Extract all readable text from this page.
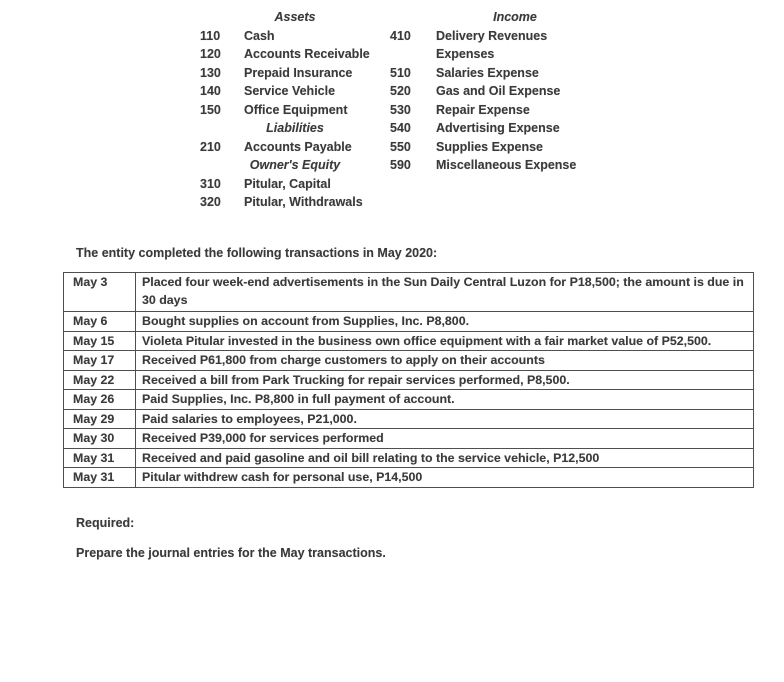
Assets	Income
110	Cash	410	Delivery Revenues
120	Accounts Receivable	Expenses
130	Prepaid Insurance	510	Salaries Expense
140	Service Vehicle	520	Gas and Oil Expense
150	Office Equipment	530	Repair Expense
Liabilities	540	Advertising Expense
210	Accounts Payable	550	Supplies Expense
Owner's Equity	590	Miscellaneous Expense
310	Pitular, Capital
320	Pitular, Withdrawals
The entity completed the following transactions in May 2020:
May 3	Placed four week-end advertisements in the Sun Daily Central Luzon for P18,500; the amount is due in 30 days
May 6	Bought supplies on account from Supplies, Inc. P8,800.
May 15	Violeta Pitular invested in the business own office equipment with a fair market value of P52,500.
May 17	Received P61,800 from charge customers to apply on their accounts
May 22	Received a bill from Park Trucking for repair services performed, P8,500.
May 26	Paid Supplies, Inc. P8,800 in full payment of account.
May 29	Paid salaries to employees, P21,000.
May 30	Received P39,000 for services performed
May 31	Received and paid gasoline and oil bill relating to the service vehicle, P12,500
May 31	Pitular withdrew cash for personal use, P14,500
Required:
Prepare the journal entries for the May transactions.
